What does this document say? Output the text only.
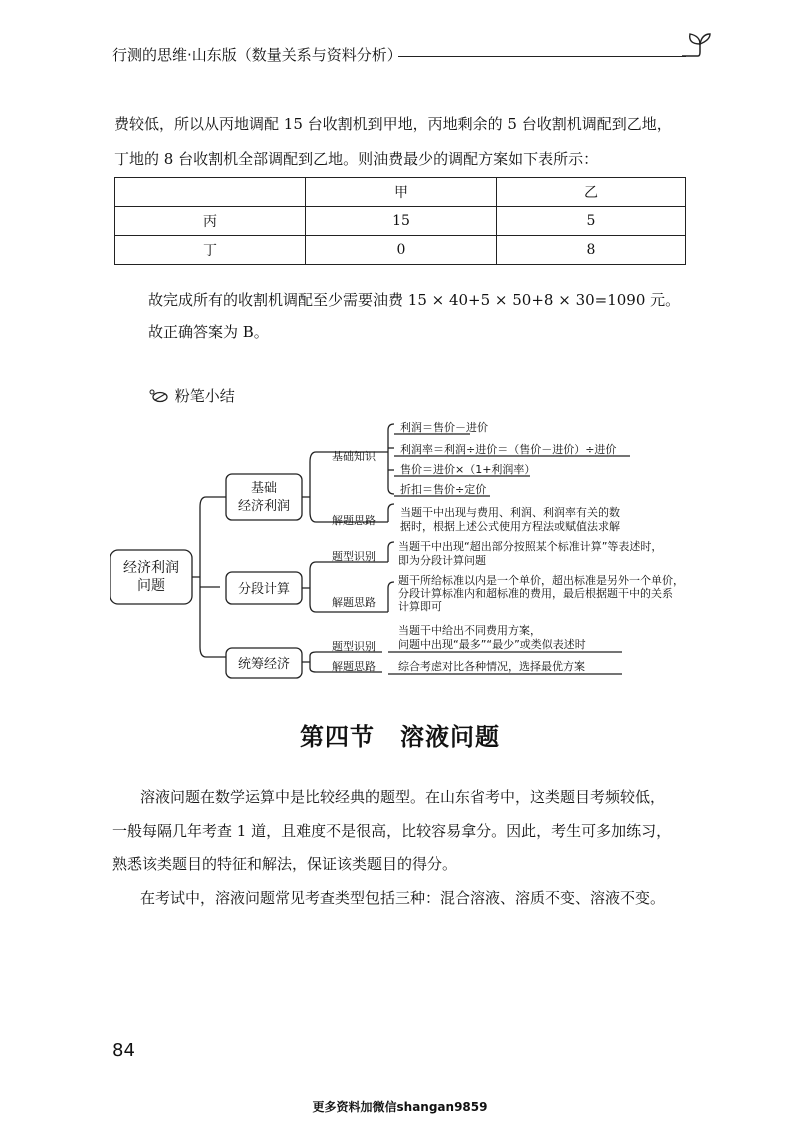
行测的思维·山东版（数量关系与资料分析）
费较低，所以从丙地调配 15 台收割机到甲地，丙地剩余的 5 台收割机调配到乙地，
丁地的 8 台收割机全部调配到乙地。则油费最少的调配方案如下表所示：
	甲	乙
丙	15	5
丁	0	8
故完成所有的收割机调配至少需要油费 15 × 40+5 × 50+8 × 30=1090 元。
故正确答案为 B。
粉笔小结
经济利润
问题
基础
经济利润
基础知识
解题思路
利润＝售价－进价
利润率＝利润÷进价＝（售价－进价）÷进价
售价＝进价×（1+利润率）
折扣＝售价÷定价
当题干中出现与费用、利润、利润率有关的数
据时，根据上述公式使用方程法或赋值法求解
分段计算
题型识别
解题思路
当题干中出现“超出部分按照某个标准计算”等表述时，
即为分段计算问题
题干所给标准以内是一个单价，超出标准是另外一个单价，
分段计算标准内和超标准的费用，最后根据题干中的关系
计算即可
统筹经济
题型识别
解题思路
当题干中给出不同费用方案，
问题中出现“最多”“最少”或类似表述时
综合考虑对比各种情况，选择最优方案
第四节　溶液问题
溶液问题在数学运算中是比较经典的题型。在山东省考中，这类题目考频较低，
一般每隔几年考查 1 道，且难度不是很高，比较容易拿分。因此，考生可多加练习，
熟悉该类题目的特征和解法，保证该类题目的得分。
在考试中，溶液问题常见考查类型包括三种：混合溶液、溶质不变、溶液不变。
84
更多资料加微信shangan9859
